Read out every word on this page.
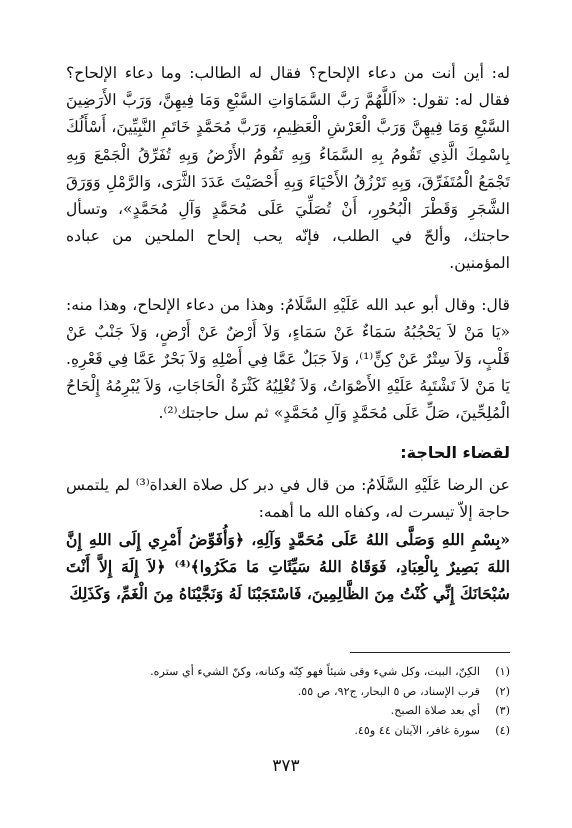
له: أين أنت من دعاء الإلحاح؟ فقال له الطالب: وما دعاء الإلحاح؟ فقال له: تقول: «اَللَّهُمَّ رَبَّ السَّمَاوَاتِ السَّبْعِ وَمَا فِيهِنَّ، وَرَبَّ الأَرَضِينَ السَّبْعِ وَمَا فِيهِنَّ وَرَبَّ الْعَرْشِ الْعَظِيمِ، وَرَبَّ مُحَمَّدٍ خَاتَمِ النَّبِيِّينَ، أَسْأَلُكَ بِاسْمِكَ الَّذِي تَقُومُ بِهِ السَّمَاءُ وَبِهِ تَقُومُ الأَرْضُ وَبِهِ تُفَرِّقُ الْجَمْعَ وَبِهِ تَجْمَعُ الْمُتَفَرِّقَ، وَبِهِ تَرْزُقُ الأَحْيَاءَ وَبِهِ أَحْصَيْتَ عَدَدَ الثَّرَى، وَالرَّمْلِ وَوَرَقَ الشَّجَرِ وَقَطْرَ الْبُحُورِ، أَنْ تُصَلِّيَ عَلَى مُحَمَّدٍ وَآلِ مُحَمَّدٍ»، وتسأل حاجتك، وألحّ في الطلب، فإنّه يحب إلحاح الملحين من عباده المؤمنين.

قال: وقال أبو عبد الله عَلَيْهِ السَّلَامُ: وهذا من دعاء الإلحاح، وهذا منه: «يَا مَنْ لاَ يَحْجُبُهُ سَمَاءٌ عَنْ سَمَاءٍ، وَلاَ أَرْضٌ عَنْ أَرْضٍ، وَلاَ جَنْبٌ عَنْ قَلْبٍ، وَلاَ سِتْرٌ عَنْ كِنٍّ⁽¹⁾، وَلاَ جَبَلٌ عَمَّا فِي أَصْلِهِ وَلاَ بَحْرٌ عَمَّا فِي قَعْرِهِ. يَا مَنْ لاَ تَشْتَبِهُ عَلَيْهِ الأَصْوَاتُ، وَلاَ تُغْلِيُهُ كَثْرَةُ الْحَاجَاتِ، وَلاَ يُبْرِمُهُ إِلْحَاحُ الْمُلِحِّينَ، صَلِّ عَلَى مُحَمَّدٍ وَآلِ مُحَمَّدٍ» ثم سل حاجتك⁽²⁾.

لقضاء الحاجة:

عن الرضا عَلَيْهِ السَّلَامُ: من قال في دبر كل صلاة الغداة⁽³⁾ لم يلتمس حاجة إلاّ تيسرت له، وكفاه الله ما أهمه:

«بِسْمِ اللهِ وَصَلَّى اللهُ عَلَى مُحَمَّدٍ وَآلِهِ، ﴿وَأُفَوِّضُ أَمْرِي إِلَى اللهِ إِنَّ اللهَ بَصِيرٌ بِالْعِبَادِ، فَوَقَاهُ اللهُ سَيِّئَاتِ مَا مَكَرُوا﴾⁽⁴⁾ ﴿لاَ إِلَهَ إِلاَّ أَنْتَ سُبْحَانَكَ إِنِّي كُنْتُ مِنَ الظَّالِمِينَ، فَاسْتَجَبْنَا لَهُ وَنَجَّيْنَاهُ مِنَ الْغَمِّ، وَكَذَلِكَ

(١)
الكِنّ، البيت، وكل شيء وقى شيئاً فهو كِنّه وكنانه، وكنّ الشيء أي ستره.
(٢)
قرب الإسناد، ص ٥ البحار، ج٩٢، ص ٥٥.
(٣)
أي بعد صلاة الصبح.
(٤)
سورة غافر، الآيتان ٤٤ و٤٥.
٣٧٣
